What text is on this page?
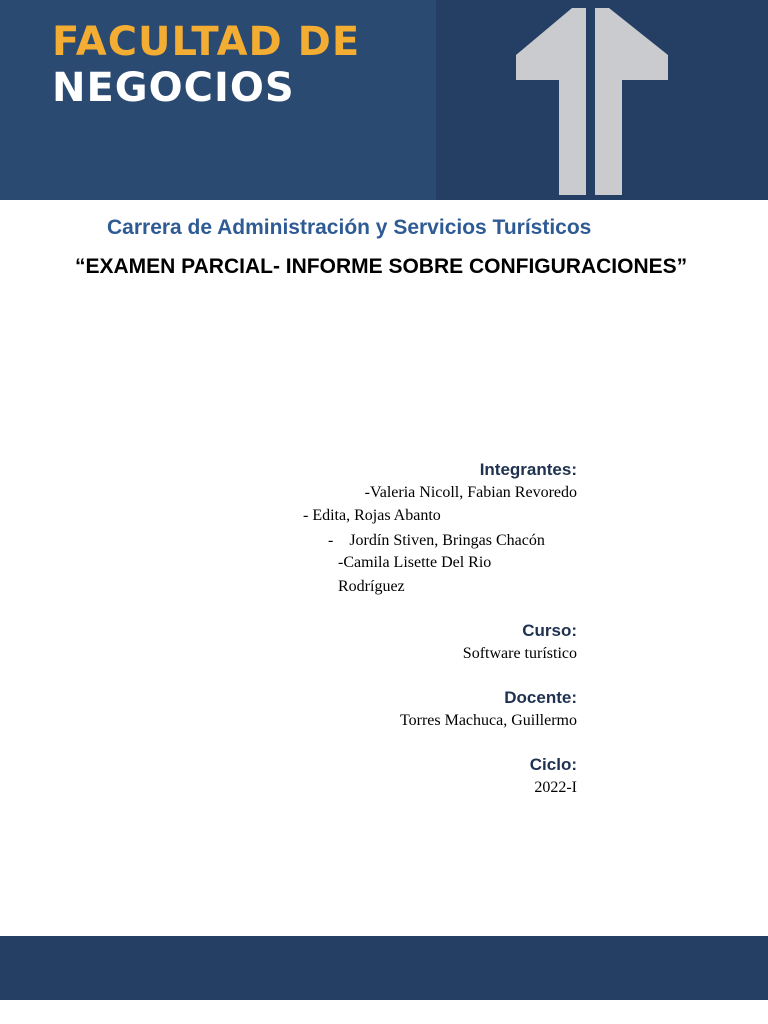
FACULTAD DE
NEGOCIOS
Carrera de Administración y Servicios Turísticos
“EXAMEN PARCIAL- INFORME SOBRE CONFIGURACIONES”
Integrantes:
-Valeria Nicoll, Fabian Revoredo
- Edita, Rojas Abanto
-    Jordín Stiven, Bringas Chacón
-Camila Lisette Del Rio
Rodríguez
Curso:
Software turístico
Docente:
Torres Machuca, Guillermo
Ciclo:
2022-I
